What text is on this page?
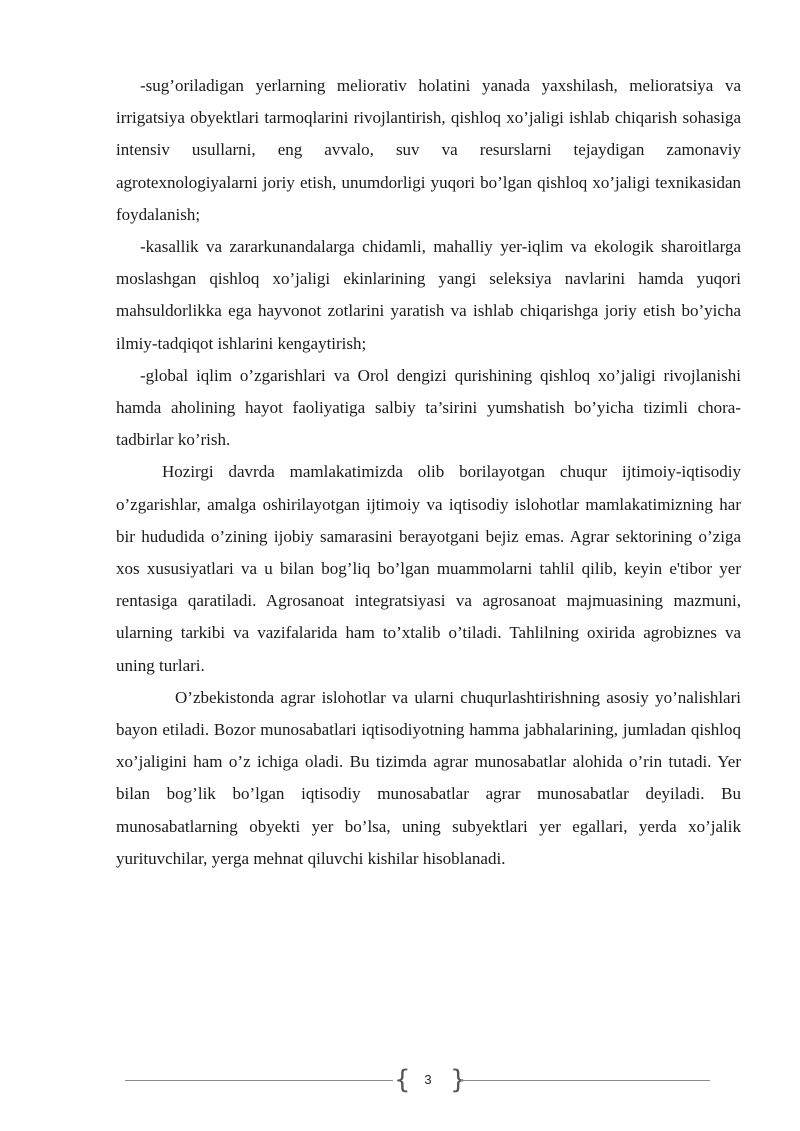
-sug’oriladigan yerlarning meliorativ holatini yanada yaxshilash, melioratsiya va irrigatsiya obyektlari tarmoqlarini rivojlantirish, qishloq xo’jaligi ishlab chiqarish sohasiga intensiv usullarni, eng avvalo, suv va resurslarni tejaydigan zamonaviy agrotexnologiyalarni joriy etish, unumdorligi yuqori bo’lgan qishloq xo’jaligi texnikasidan foydalanish;

-kasallik va zararkunandalarga chidamli, mahalliy yer-iqlim va ekologik sharoitlarga moslashgan qishloq xo’jaligi ekinlarining yangi seleksiya navlarini hamda yuqori mahsuldorlikka ega hayvonot zotlarini yaratish va ishlab chiqarishga joriy etish bo’yicha ilmiy-tadqiqot ishlarini kengaytirish;

-global iqlim o’zgarishlari va Orol dengizi qurishining qishloq xo’jaligi rivojlanishi hamda aholining hayot faoliyatiga salbiy ta’sirini yumshatish bo’yicha tizimli chora-tadbirlar ko’rish.

Hozirgi davrda mamlakatimizda olib borilayotgan chuqur ijtimoiy-iqtisodiy o’zgarishlar, amalga oshirilayotgan ijtimoiy va iqtisodiy islohotlar mamlakatimizning har bir hududida o’zining ijobiy samarasini berayotgani bejiz emas. Agrar sektorining o’ziga xos xususiyatlari va u bilan bog’liq bo’lgan muammolarni tahlil qilib, keyin e'tibor yer rentasiga qaratiladi. Agrosanoat integratsiyasi va agrosanoat majmuasining mazmuni, ularning tarkibi va vazifalarida ham to’xtalib o’tiladi. Tahlilning oxirida agrobiznes va uning turlari.

O’zbekistonda agrar islohotlar va ularni chuqurlashtirishning asosiy yo’nalishlari bayon etiladi. Bozor munosabatlari iqtisodiyotning hamma jabhalarining, jumladan qishloq xo’jaligini ham o’z ichiga oladi. Bu tizimda agrar munosabatlar alohida o’rin tutadi. Yer bilan bog’lik bo’lgan iqtisodiy munosabatlar agrar munosabatlar deyiladi. Bu munosabatlarning obyekti yer bo’lsa, uning subyektlari yer egallari, yerda xo’jalik yurituvchilar, yerga mehnat qiluvchi kishilar hisoblanadi.

{	3 }
